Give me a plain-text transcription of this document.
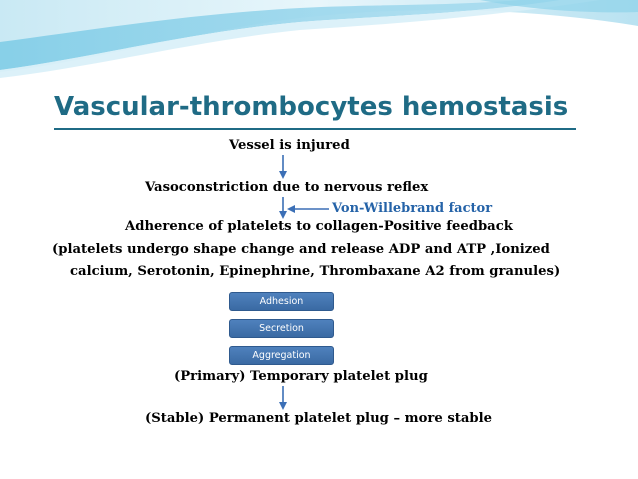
Vascular-thrombocytes hemostasis
Vessel is injured
Vasoconstriction due to nervous reflex
Von-Willebrand factor
Adherence of platelets to collagen-Positive feedback
(platelets undergo shape change and release ADP and ATP ,Ionized
calcium, Serotonin, Epinephrine, Thrombaxane A2 from granules)
Adhesion
Secretion
Aggregation
(Primary) Temporary platelet plug
(Stable) Permanent platelet plug – more stable
